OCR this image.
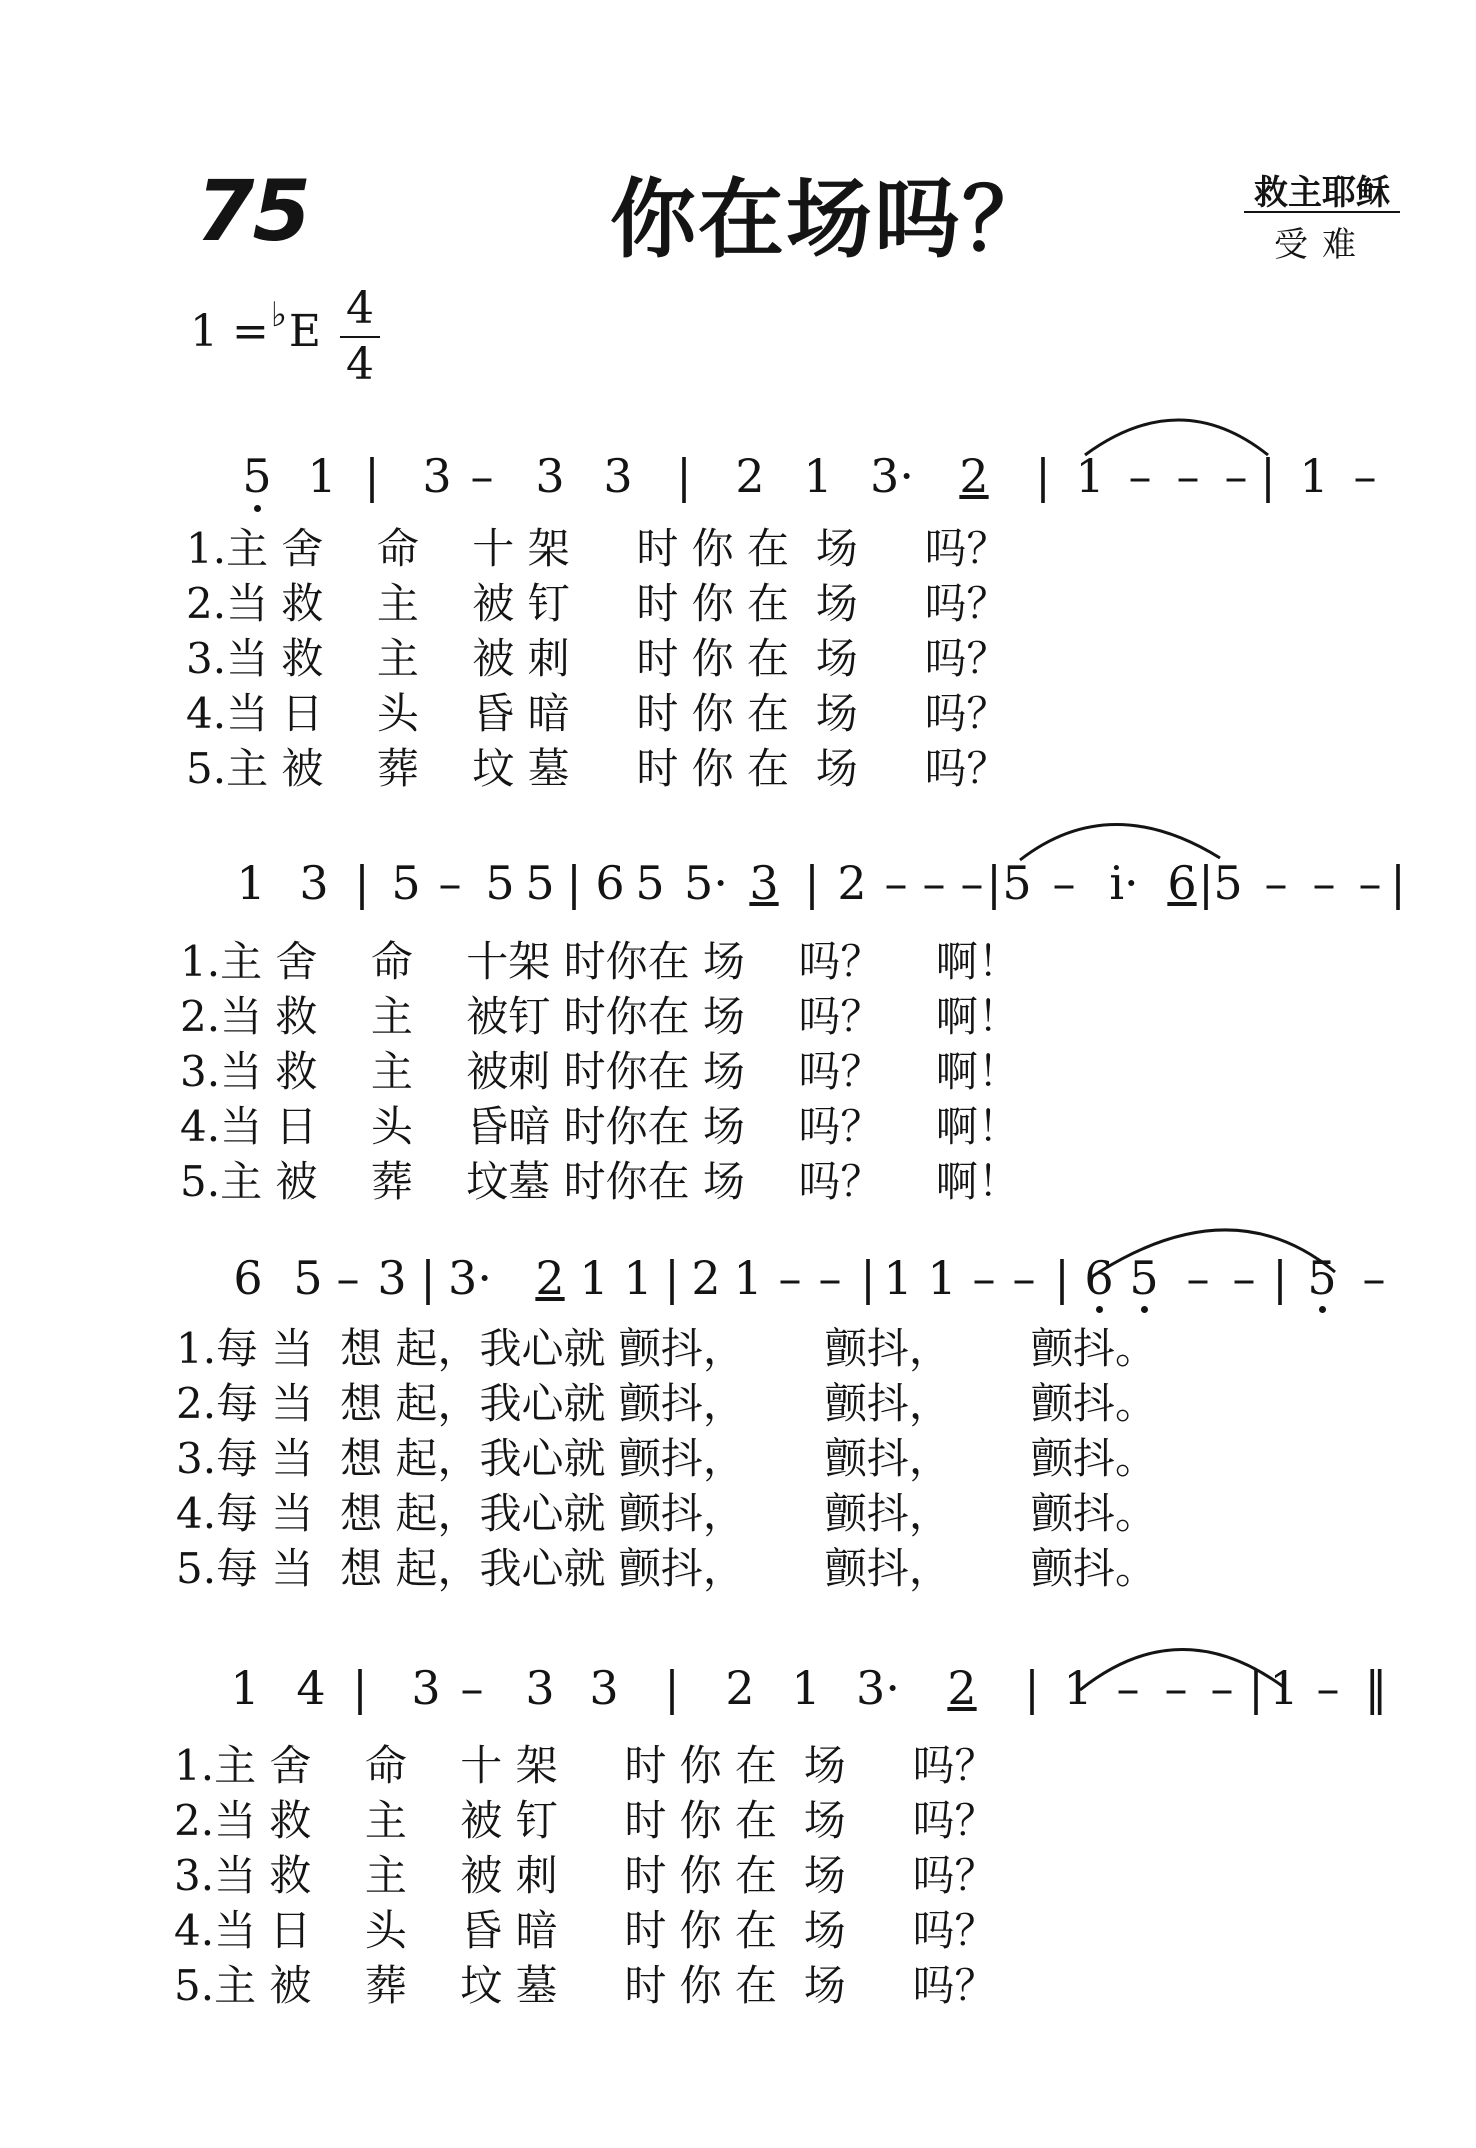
75	你在场吗？	救主耶稣
受难
1 =♭E 4
4
5 1 | 3 – 3 3 | 2 1 3· 2 | 1 – – – | 1 –
1.主 舍    命    十 架     时 你 在  场     吗？
2.当 救    主    被 钉     时 你 在  场     吗？
3.当 救    主    被 刺     时 你 在  场     吗？
4.当 日    头    昏 暗     时 你 在  场     吗？
5.主 被    葬    坟 墓     时 你 在  场     吗？
1 3 | 5 – 5 5 | 6 5 5· 3 | 2 – – – | 5 – i· 6 | 5 – – – |
1.主 舍    命    十架 时你在 场    吗？    啊！
2.当 救    主    被钉 时你在 场    吗？    啊！
3.当 救    主    被刺 时你在 场    吗？    啊！
4.当 日    头    昏暗 时你在 场    吗？    啊！
5.主 被    葬    坟墓 时你在 场    吗？    啊！
6 5 – 3 | 3· 2 1 1 | 2 1 – – | 1 1 – – | 6 5 – – | 5 –
1.每 当  想 起，我心就 颤抖，      颤抖，      颤抖。
2.每 当  想 起，我心就 颤抖，      颤抖，      颤抖。
3.每 当  想 起，我心就 颤抖，      颤抖，      颤抖。
4.每 当  想 起，我心就 颤抖，      颤抖，      颤抖。
5.每 当  想 起，我心就 颤抖，      颤抖，      颤抖。
1 4 | 3 – 3 3 | 2 1 3· 2 | 1 – – – | 1 – ‖
1.主 舍    命    十 架     时 你 在  场     吗？
2.当 救    主    被 钉     时 你 在  场     吗？
3.当 救    主    被 刺     时 你 在  场     吗？
4.当 日    头    昏 暗     时 你 在  场     吗？
5.主 被    葬    坟 墓     时 你 在  场     吗？
